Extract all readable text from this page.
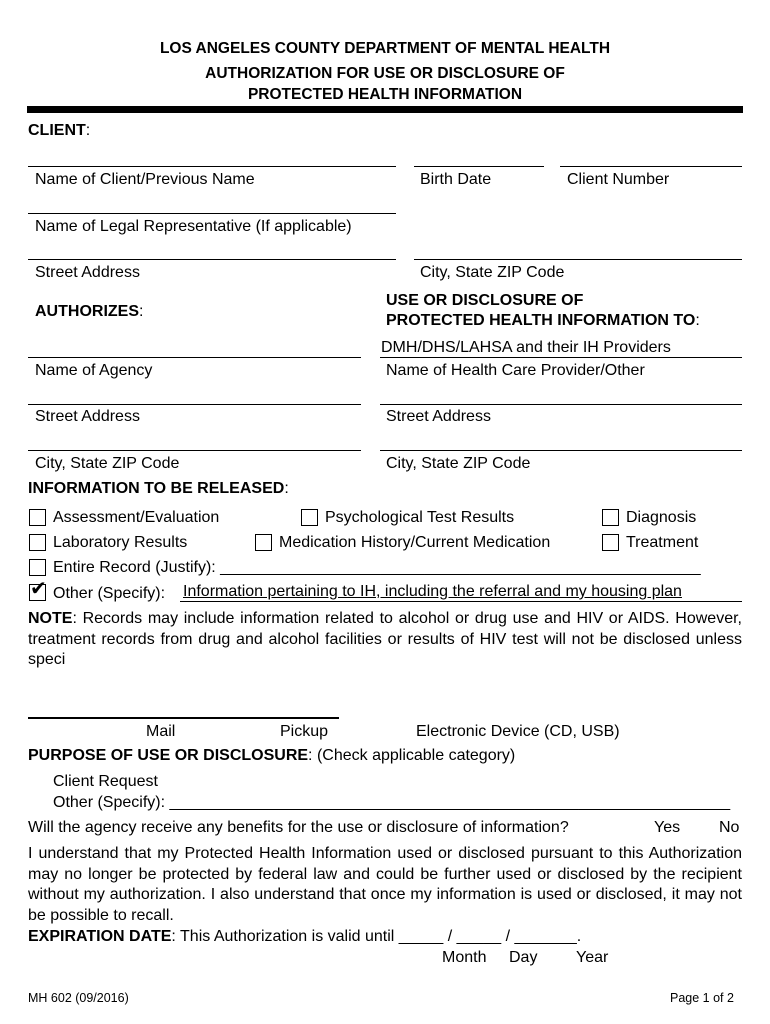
LOS ANGELES COUNTY DEPARTMENT OF MENTAL HEALTH
AUTHORIZATION FOR USE OR DISCLOSURE OF
PROTECTED HEALTH INFORMATION
CLIENT:
Name of Client/Previous Name	Birth Date	Client Number
Name of Legal Representative (If applicable)
Street Address	City, State ZIP Code
AUTHORIZES:
USE OR DISCLOSURE OF
PROTECTED HEALTH INFORMATION TO:
DMH/DHS/LAHSA and their IH Providers
Name of Agency	Name of Health Care Provider/Other
Street Address	Street Address
City, State ZIP Code	City, State ZIP Code
INFORMATION TO BE RELEASED:
Assessment/Evaluation	Psychological Test Results	Diagnosis
Laboratory Results	Medication History/Current Medication	Treatment
Entire Record (Justify): ______________________________________________________
✔ Other (Specify): Information pertaining to IH, including the referral and my housing plan
NOTE: Records may include information related to alcohol or drug use and HIV or AIDS. However, treatment records from drug and alcohol facilities or results of HIV test will not be disclosed unless speci
Mail	Pickup	Electronic Device (CD, USB)
PURPOSE OF USE OR DISCLOSURE: (Check applicable category)
Client Request
Other (Specify): _______________________________________________________________
Will the agency receive any benefits for the use or disclosure of information?	Yes No
I understand that my Protected Health Information used or disclosed pursuant to this Authorization may no longer be protected by federal law and could be further used or disclosed by the recipient without my authorization. I also understand that once my information is used or disclosed, it may not be possible to recall.
EXPIRATION DATE: This Authorization is valid until _____ / _____ / _______.
Month Day Year
MH 602 (09/2016)	Page 1 of 2
